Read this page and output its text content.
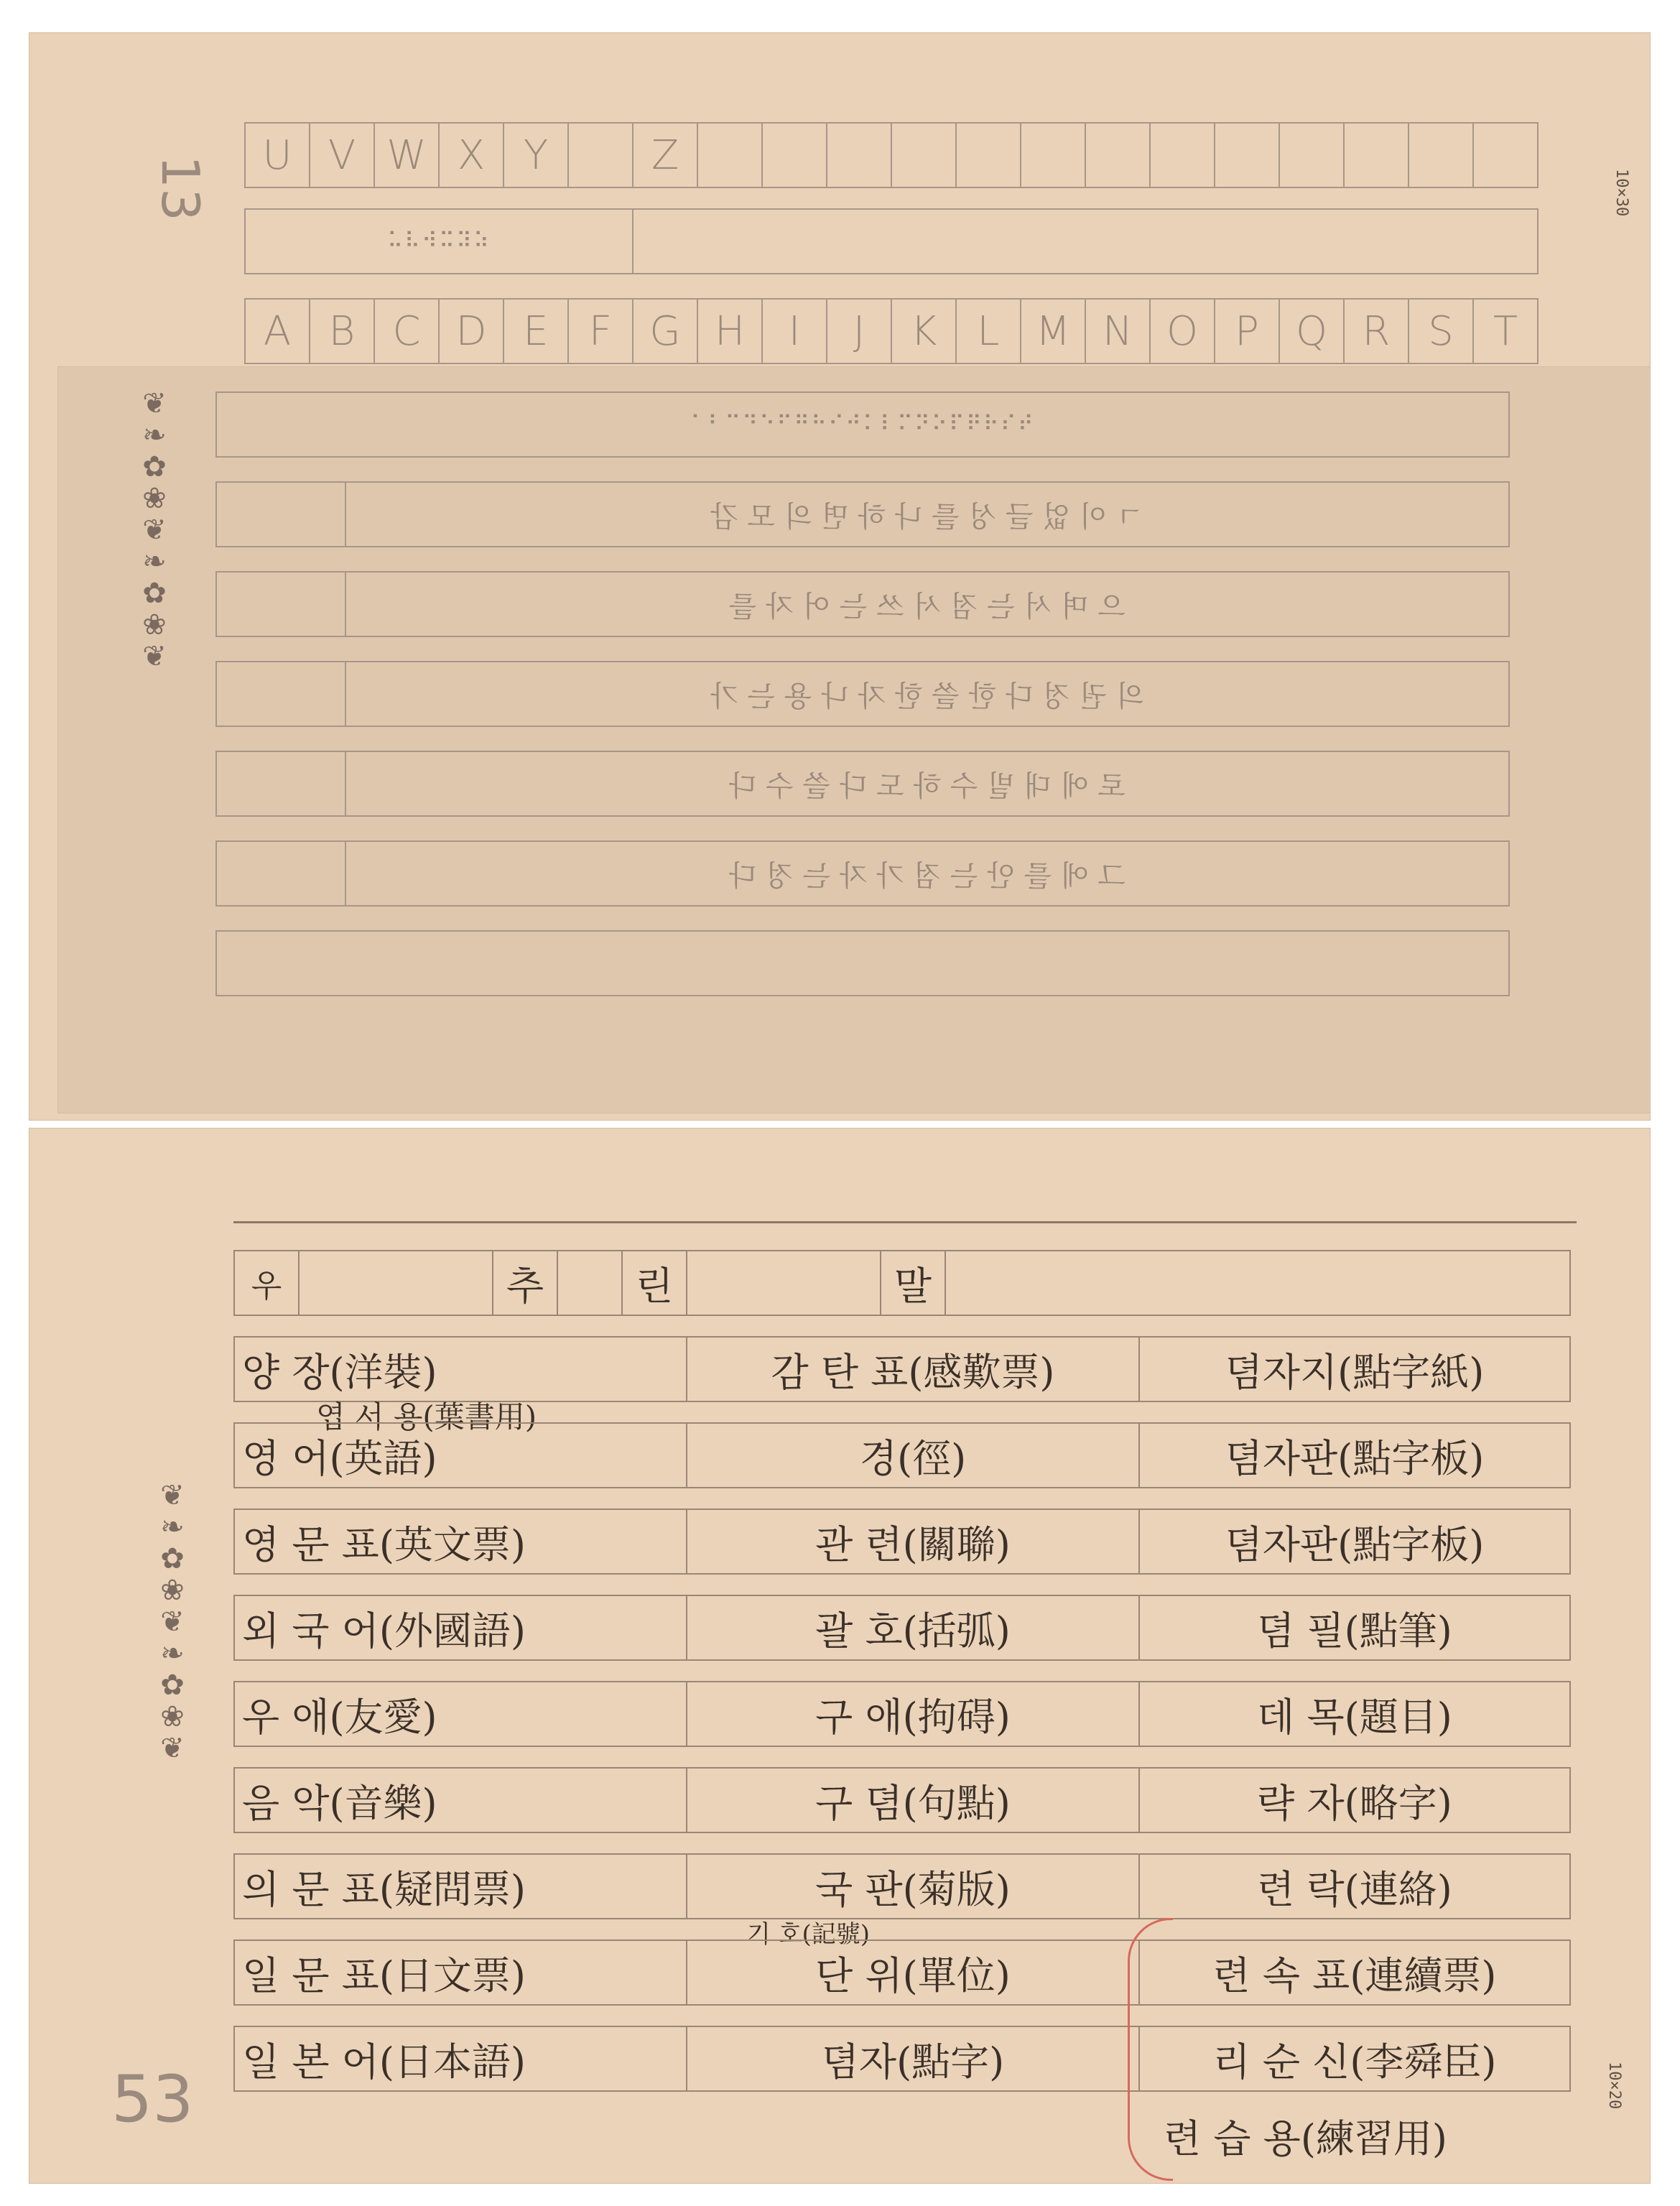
13	10×30
U V W X Y	Z
⠥⠧⠺⠭⠽⠵
A B C D E	F G H	I	J	K	L M N O P Q R S T
❦
❧
✿
❀
❦
❧
✿
❀
❦
⠁⠃⠉⠙⠑⠋⠛⠓⠊⠚⠅⠇⠍⠝⠕⠏⠟⠗⠎⠞
ㄱ 이 없 글 성 를 나 하 면 의 모 감
으 며 서 는 점 서 쓰 는 어 자 를
의 권 정 다 한 쓸 한 자 나 용 는 가
로 에 대 빌 수 하 도 다 쓸 수 다
그 에 를 안 는 점 가 자 는 정 다
❦
❧
✿
❀
❦
❧
✿
❀
❦
53	10×20
우	추	린	말
양 장(洋裝)	감 탄 표(感歎票)	뎜자지(點字紙)
엽 서 용(葉書用)
영 어(英語)	경(徑)	뎜자판(點字板)
영 문 표(英文票)	관 련(關聯)	뎜자판(點字板)
외 국 어(外國語)	괄 호(括弧)	뎜 필(點筆)
우 애(友愛)	구 애(拘碍)	데 목(題目)
음 악(音樂)	구 뎜(句點)	략 자(略字)
의 문 표(疑問票)	국 판(菊版)	련 락(連絡)
기 호(記號)
일 문 표(日文票)	단 위(單位)	련 속 표(連續票)
일 본 어(日本語)	뎜자(點字)	리 순 신(李舜臣)
련 습 용(練習用)
